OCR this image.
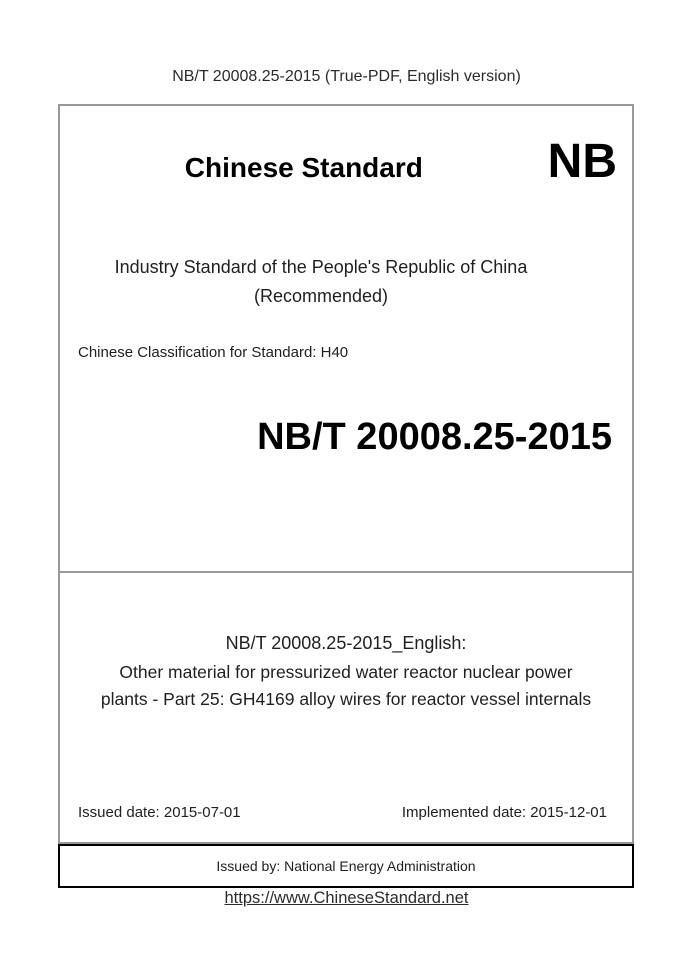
NB/T 20008.25-2015 (True-PDF, English version)
Chinese Standard	NB
Industry Standard of the People's Republic of China
(Recommended)
Chinese Classification for Standard: H40
NB/T 20008.25-2015
NB/T 20008.25-2015_English:
Other material for pressurized water reactor nuclear power plants - Part 25: GH4169 alloy wires for reactor vessel internals
Issued date: 2015-07-01	Implemented date: 2015-12-01
Issued by: National Energy Administration
https://www.ChineseStandard.net
